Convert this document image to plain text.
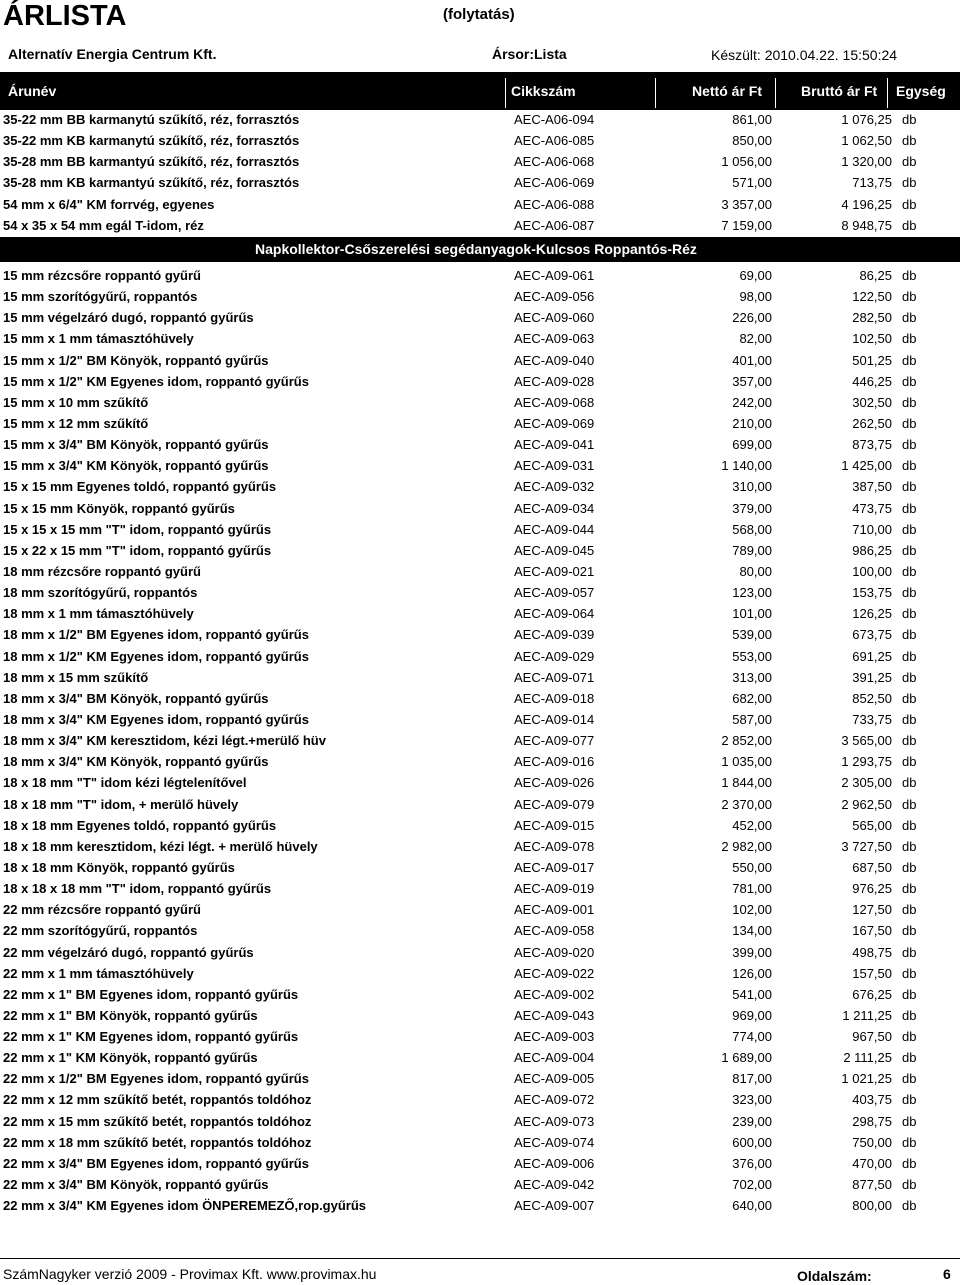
ÁRLISTA	(folytatás)
Alternatív Energia Centrum Kft.	Ársor:Lista	Készült: 2010.04.22. 15:50:24
Árunév	Cikkszám	Nettó ár Ft	Bruttó ár Ft Egység
35-22 mm BB karmanytú szűkítő, réz, forrasztós	AEC-A06-094	861,00	1 076,25 db
35-22 mm KB karmanytú szűkítő, réz, forrasztós	AEC-A06-085	850,00	1 062,50 db
35-28 mm BB karmantyú szűkítő, réz, forrasztós	AEC-A06-068	1 056,00	1 320,00 db
35-28 mm KB karmantyú szűkítő, réz, forrasztós	AEC-A06-069	571,00	713,75 db
54 mm x 6/4" KM forrvég, egyenes	AEC-A06-088	3 357,00	4 196,25 db
54 x 35 x 54 mm egál T-idom, réz	AEC-A06-087	7 159,00	8 948,75 db
Napkollektor-Csőszerelési segédanyagok-Kulcsos Roppantós-Réz
15 mm rézcsőre roppantó gyűrű	AEC-A09-061	69,00	86,25 db
15 mm szorítógyűrű, roppantós	AEC-A09-056	98,00	122,50 db
15 mm végelzáró dugó, roppantó gyűrűs	AEC-A09-060	226,00	282,50 db
15 mm x 1 mm támasztóhüvely	AEC-A09-063	82,00	102,50 db
15 mm x 1/2" BM Könyök, roppantó gyűrűs	AEC-A09-040	401,00	501,25 db
15 mm x 1/2" KM Egyenes idom, roppantó gyűrűs	AEC-A09-028	357,00	446,25 db
15 mm x 10 mm szűkítő	AEC-A09-068	242,00	302,50 db
15 mm x 12 mm szűkítő	AEC-A09-069	210,00	262,50 db
15 mm x 3/4" BM Könyök, roppantó gyűrűs	AEC-A09-041	699,00	873,75 db
15 mm x 3/4" KM Könyök, roppantó gyűrűs	AEC-A09-031	1 140,00	1 425,00 db
15 x 15 mm Egyenes toldó, roppantó gyűrűs	AEC-A09-032	310,00	387,50 db
15 x 15 mm Könyök, roppantó gyűrűs	AEC-A09-034	379,00	473,75 db
15 x 15 x 15 mm "T" idom, roppantó gyűrűs	AEC-A09-044	568,00	710,00 db
15 x 22 x 15 mm "T" idom, roppantó gyűrűs	AEC-A09-045	789,00	986,25 db
18 mm rézcsőre roppantó gyűrű	AEC-A09-021	80,00	100,00 db
18 mm szorítógyűrű, roppantós	AEC-A09-057	123,00	153,75 db
18 mm x 1 mm támasztóhüvely	AEC-A09-064	101,00	126,25 db
18 mm x 1/2" BM Egyenes idom, roppantó gyűrűs	AEC-A09-039	539,00	673,75 db
18 mm x 1/2" KM Egyenes idom, roppantó gyűrűs	AEC-A09-029	553,00	691,25 db
18 mm x 15 mm szűkítő	AEC-A09-071	313,00	391,25 db
18 mm x 3/4" BM Könyök, roppantó gyűrűs	AEC-A09-018	682,00	852,50 db
18 mm x 3/4" KM Egyenes idom, roppantó gyűrűs	AEC-A09-014	587,00	733,75 db
18 mm x 3/4" KM keresztidom, kézi légt.+merülő hüv	AEC-A09-077	2 852,00	3 565,00 db
18 mm x 3/4" KM Könyök, roppantó gyűrűs	AEC-A09-016	1 035,00	1 293,75 db
18 x 18 mm "T" idom kézi légtelenítővel	AEC-A09-026	1 844,00	2 305,00 db
18 x 18 mm "T" idom, + merülő hüvely	AEC-A09-079	2 370,00	2 962,50 db
18 x 18 mm Egyenes toldó, roppantó gyűrűs	AEC-A09-015	452,00	565,00 db
18 x 18 mm keresztidom, kézi légt. + merülő hüvely	AEC-A09-078	2 982,00	3 727,50 db
18 x 18 mm Könyök, roppantó gyűrűs	AEC-A09-017	550,00	687,50 db
18 x 18 x 18 mm "T" idom, roppantó gyűrűs	AEC-A09-019	781,00	976,25 db
22 mm rézcsőre roppantó gyűrű	AEC-A09-001	102,00	127,50 db
22 mm szorítógyűrű, roppantós	AEC-A09-058	134,00	167,50 db
22 mm végelzáró dugó, roppantó gyűrűs	AEC-A09-020	399,00	498,75 db
22 mm x 1 mm támasztóhüvely	AEC-A09-022	126,00	157,50 db
22 mm x 1" BM Egyenes idom, roppantó gyűrűs	AEC-A09-002	541,00	676,25 db
22 mm x 1" BM Könyök, roppantó gyűrűs	AEC-A09-043	969,00	1 211,25 db
22 mm x 1" KM Egyenes idom, roppantó gyűrűs	AEC-A09-003	774,00	967,50 db
22 mm x 1" KM Könyök, roppantó gyűrűs	AEC-A09-004	1 689,00	2 111,25 db
22 mm x 1/2" BM Egyenes idom, roppantó gyűrűs	AEC-A09-005	817,00	1 021,25 db
22 mm x 12 mm szűkítő betét, roppantós toldóhoz	AEC-A09-072	323,00	403,75 db
22 mm x 15 mm szűkítő betét, roppantós toldóhoz	AEC-A09-073	239,00	298,75 db
22 mm x 18 mm szűkítő betét, roppantós toldóhoz	AEC-A09-074	600,00	750,00 db
22 mm x 3/4" BM Egyenes idom, roppantó gyűrűs	AEC-A09-006	376,00	470,00 db
22 mm x 3/4" BM Könyök, roppantó gyűrűs	AEC-A09-042	702,00	877,50 db
22 mm x 3/4" KM Egyenes idom ÖNPEREMEZŐ,rop.gyűrűs	AEC-A09-007	640,00	800,00 db
SzámNagyker verzió 2009 - Provimax Kft. www.provimax.hu	Oldalszám:	6
